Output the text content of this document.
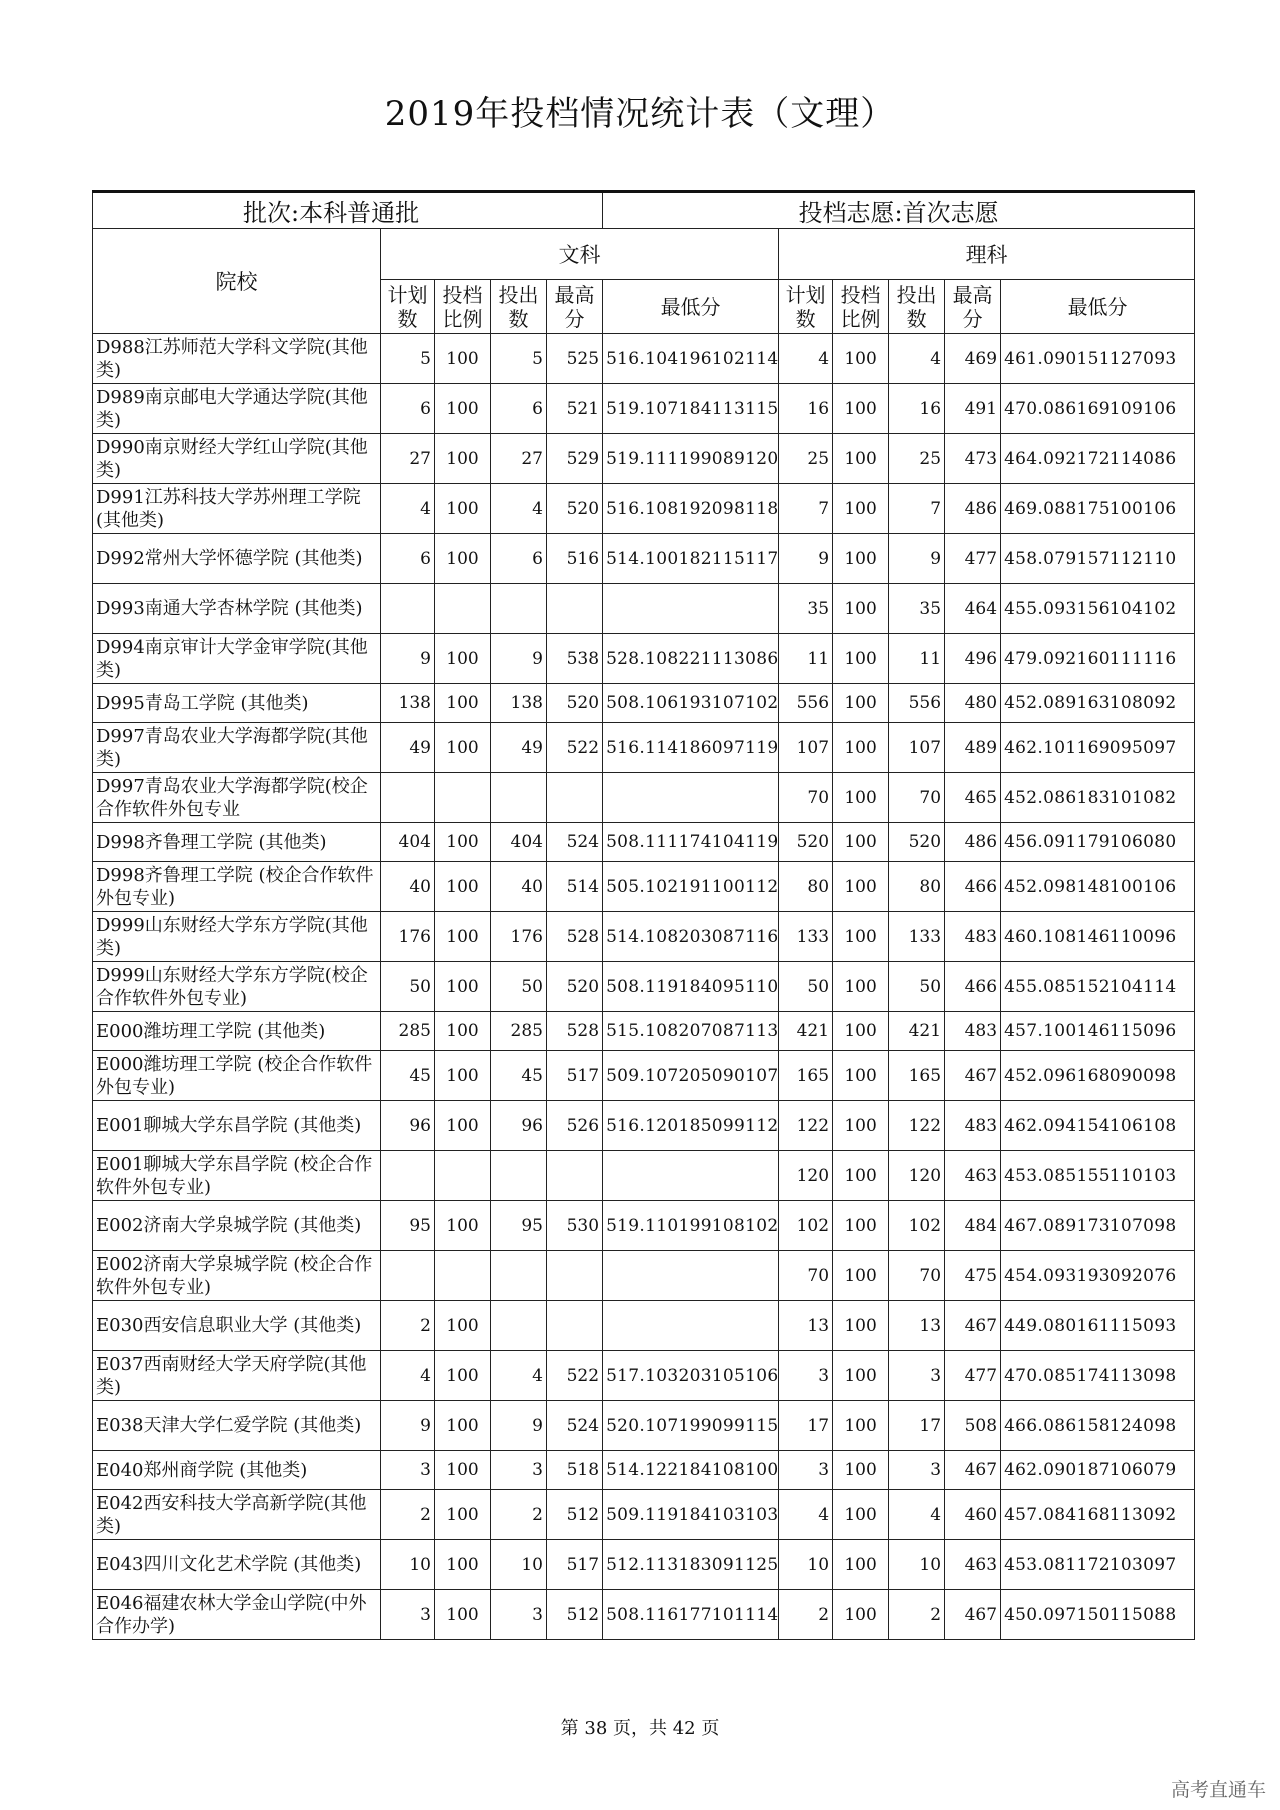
2019年投档情况统计表（文理）
批次:本科普通批					投档志愿:首次志愿					
院校	文科					理科				
	计划数	投档比例	投出数	最高分	最低分	计划数	投档比例	投出数	最高分	最低分
D988江苏师范大学科文学院(其他类)	5	100	5	525	516.104196102114	4	100	4	469	461.090151127093
D989南京邮电大学通达学院(其他类)	6	100	6	521	519.107184113115	16	100	16	491	470.086169109106
D990南京财经大学红山学院(其他类)	27	100	27	529	519.111199089120	25	100	25	473	464.092172114086
D991江苏科技大学苏州理工学院(其他类)	4	100	4	520	516.108192098118	7	100	7	486	469.088175100106
D992常州大学怀德学院 (其他类)	6	100	6	516	514.100182115117	9	100	9	477	458.079157112110
D993南通大学杏林学院 (其他类)						35	100	35	464	455.093156104102
D994南京审计大学金审学院(其他类)	9	100	9	538	528.108221113086	11	100	11	496	479.092160111116
D995青岛工学院 (其他类)	138	100	138	520	508.106193107102	556	100	556	480	452.089163108092
D997青岛农业大学海都学院(其他类)	49	100	49	522	516.114186097119	107	100	107	489	462.101169095097
D997青岛农业大学海都学院(校企合作软件外包专业						70	100	70	465	452.086183101082
D998齐鲁理工学院 (其他类)	404	100	404	524	508.111174104119	520	100	520	486	456.091179106080
D998齐鲁理工学院 (校企合作软件外包专业)	40	100	40	514	505.102191100112	80	100	80	466	452.098148100106
D999山东财经大学东方学院(其他类)	176	100	176	528	514.108203087116	133	100	133	483	460.108146110096
D999山东财经大学东方学院(校企合作软件外包专业)	50	100	50	520	508.119184095110	50	100	50	466	455.085152104114
E000潍坊理工学院 (其他类)	285	100	285	528	515.108207087113	421	100	421	483	457.100146115096
E000潍坊理工学院 (校企合作软件外包专业)	45	100	45	517	509.107205090107	165	100	165	467	452.096168090098
E001聊城大学东昌学院 (其他类)	96	100	96	526	516.120185099112	122	100	122	483	462.094154106108
E001聊城大学东昌学院 (校企合作软件外包专业)						120	100	120	463	453.085155110103
E002济南大学泉城学院 (其他类)	95	100	95	530	519.110199108102	102	100	102	484	467.089173107098
E002济南大学泉城学院 (校企合作软件外包专业)						70	100	70	475	454.093193092076
E030西安信息职业大学 (其他类)	2	100				13	100	13	467	449.080161115093
E037西南财经大学天府学院(其他类)	4	100	4	522	517.103203105106	3	100	3	477	470.085174113098
E038天津大学仁爱学院 (其他类)	9	100	9	524	520.107199099115	17	100	17	508	466.086158124098
E040郑州商学院 (其他类)	3	100	3	518	514.122184108100	3	100	3	467	462.090187106079
E042西安科技大学高新学院(其他类)	2	100	2	512	509.119184103103	4	100	4	460	457.084168113092
E043四川文化艺术学院 (其他类)	10	100	10	517	512.113183091125	10	100	10	463	453.081172103097
E046福建农林大学金山学院(中外合作办学)	3	100	3	512	508.116177101114	2	100	2	467	450.097150115088
第 38 页，共 42 页
高考直通车
